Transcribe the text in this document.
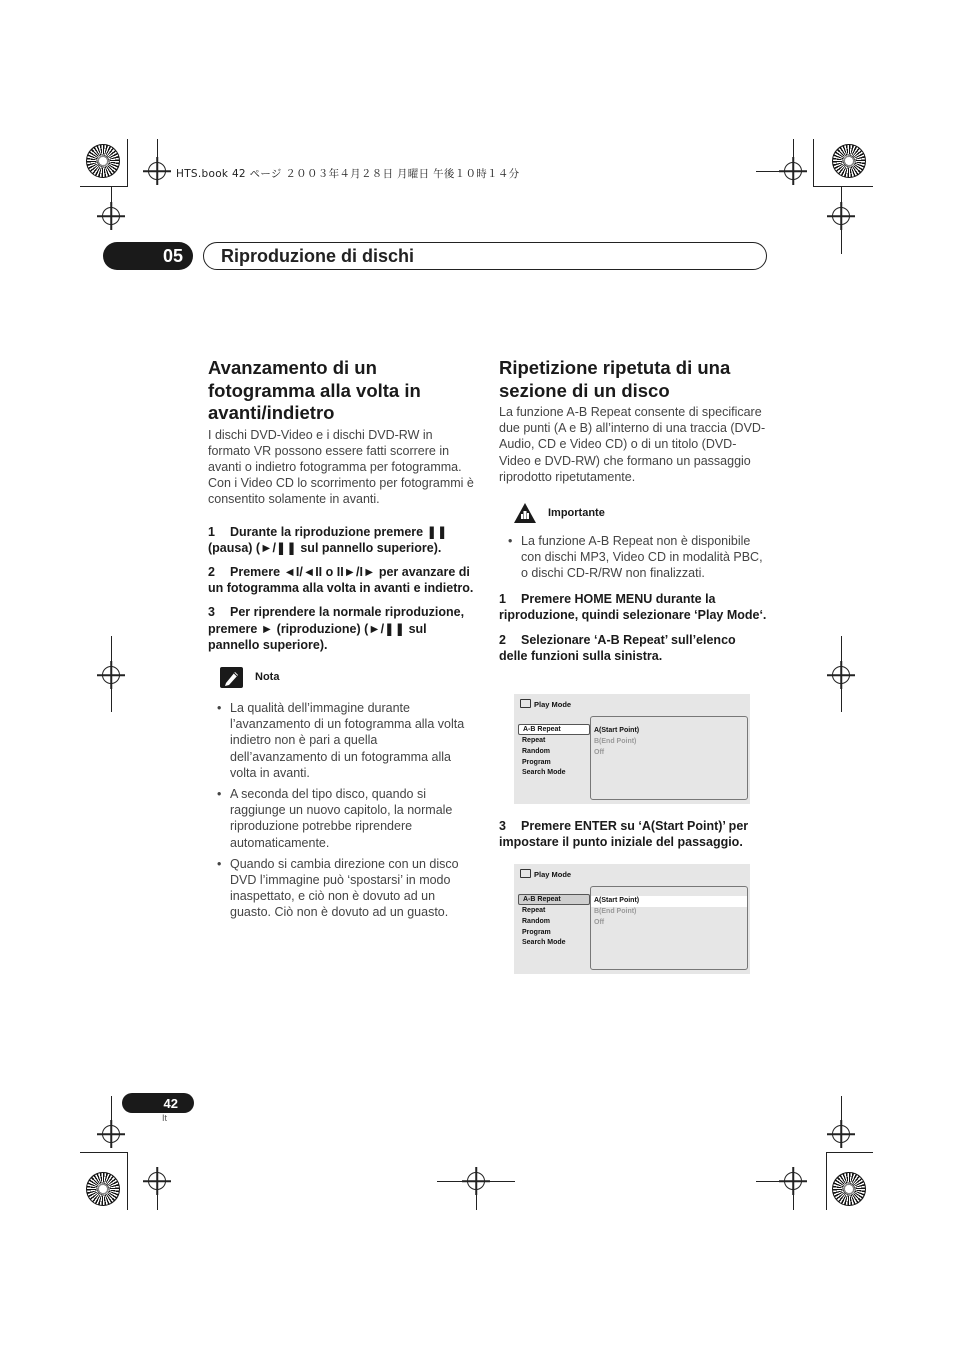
HTS.book 42 ページ ２００３年４月２８日 月曜日 午後１０時１４分
05 Riproduzione di dischi
Avanzamento di un fotogramma alla volta in avanti/indietro
I dischi DVD-Video e i dischi DVD-RW in formato VR possono essere fatti scorrere in avanti o indietro fotogramma per fotogramma. Con i Video CD lo scorrimento per fotogrammi è consentito solamente in avanti.
1 Durante la riproduzione premere ❚❚ (pausa) (►/❚❚ sul pannello superiore).
2 Premere ◄I/◄II o II►/I► per avanzare di un fotogramma alla volta in avanti e indietro.
3 Per riprendere la normale riproduzione, premere ► (riproduzione) (►/❚❚ sul pannello superiore).
Nota
• La qualità dell’immagine durante l’avanzamento di un fotogramma alla volta indietro non è pari a quella dell’avanzamento di un fotogramma alla volta in avanti.
• A seconda del tipo disco, quando si raggiunge un nuovo capitolo, la normale riproduzione potrebbe riprendere automaticamente.
• Quando si cambia direzione con un disco DVD l’immagine può ‘spostarsi’ in modo inaspettato, e ciò non è dovuto ad un guasto. Ciò non è dovuto ad un guasto.
Ripetizione ripetuta di una sezione di un disco
La funzione A-B Repeat consente di specificare due punti (A e B) all’interno di una traccia (DVD-Audio, CD e Video CD) o di un titolo (DVD-Video e DVD-RW) che formano un passaggio riprodotto ripetutamente.
Importante
• La funzione A-B Repeat non è disponibile con dischi MP3, Video CD in modalità PBC, o dischi CD-R/RW non finalizzati.
1 Premere HOME MENU durante la riproduzione, quindi selezionare ‘Play Mode‘.
2 Selezionare ‘A-B Repeat’ sull’elenco delle funzioni sulla sinistra.
Play Mode
A-B Repeat
Repeat
Random
Program
Search Mode
A(Start Point)
B(End Point)
Off
3 Premere ENTER su ‘A(Start Point)’ per impostare il punto iniziale del passaggio.
Play Mode
A-B Repeat
Repeat
Random
Program
Search Mode
A(Start Point)
B(End Point)
Off
42
It
